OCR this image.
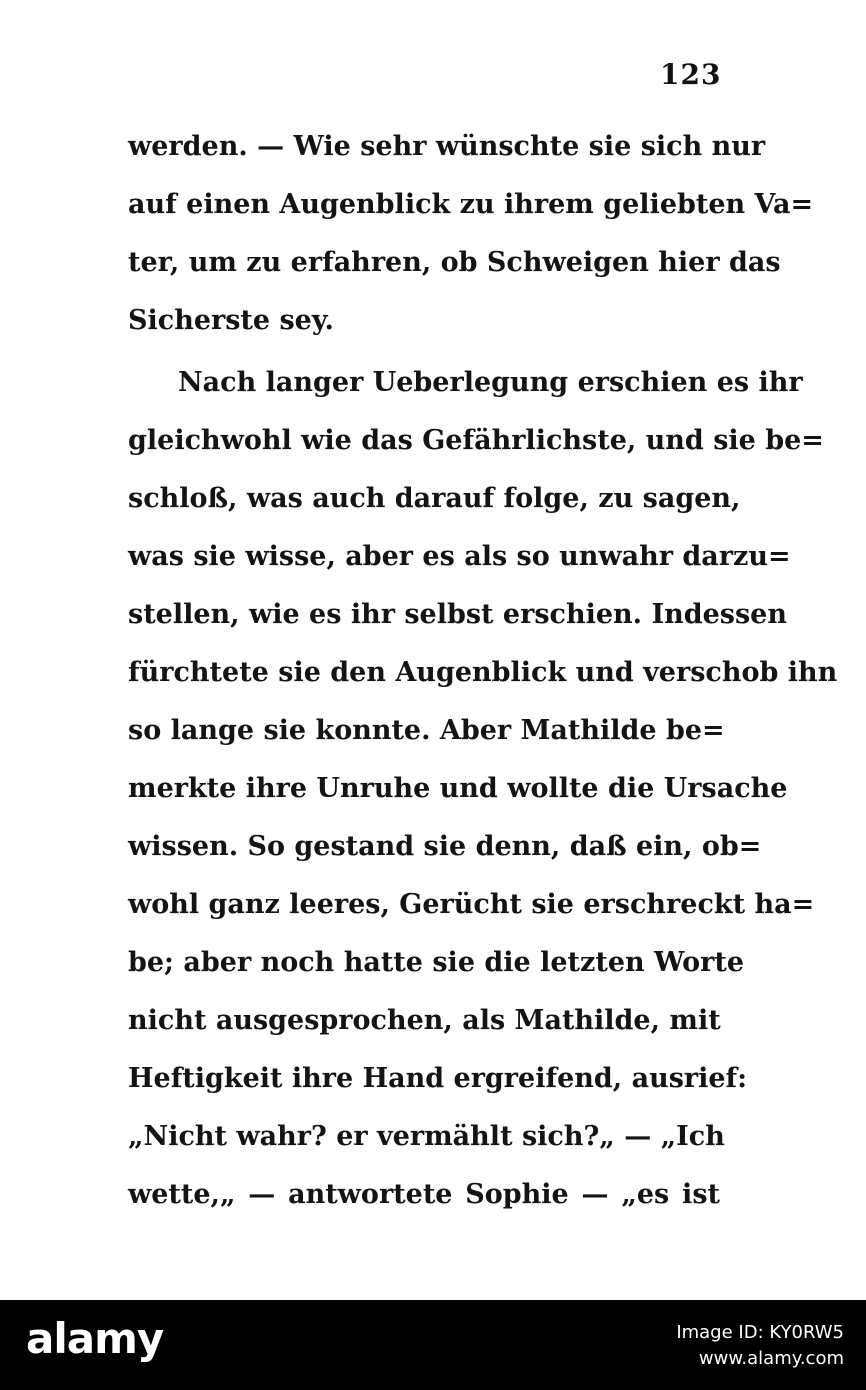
123
werden. — Wie sehr wünschte sie sich nur
auf einen Augenblick zu ihrem geliebten Va=
ter, um zu erfahren, ob Schweigen hier das
Sicherste sey.
Nach langer Ueberlegung erschien es ihr
gleichwohl wie das Gefährlichste, und sie be=
schloß, was auch darauf folge, zu sagen,
was sie wisse, aber es als so unwahr darzu=
stellen, wie es ihr selbst erschien. Indessen
fürchtete sie den Augenblick und verschob ihn
so lange sie konnte. Aber Mathilde be=
merkte ihre Unruhe und wollte die Ursache
wissen. So gestand sie denn, daß ein, ob=
wohl ganz leeres, Gerücht sie erschreckt ha=
be; aber noch hatte sie die letzten Worte
nicht ausgesprochen, als Mathilde, mit
Heftigkeit ihre Hand ergreifend, ausrief:
„Nicht wahr? er vermählt sich?„ — „Ich
wette,„ — antwortete Sophie — „es ist
alamy	Image ID: KY0RW5
www.alamy.com
